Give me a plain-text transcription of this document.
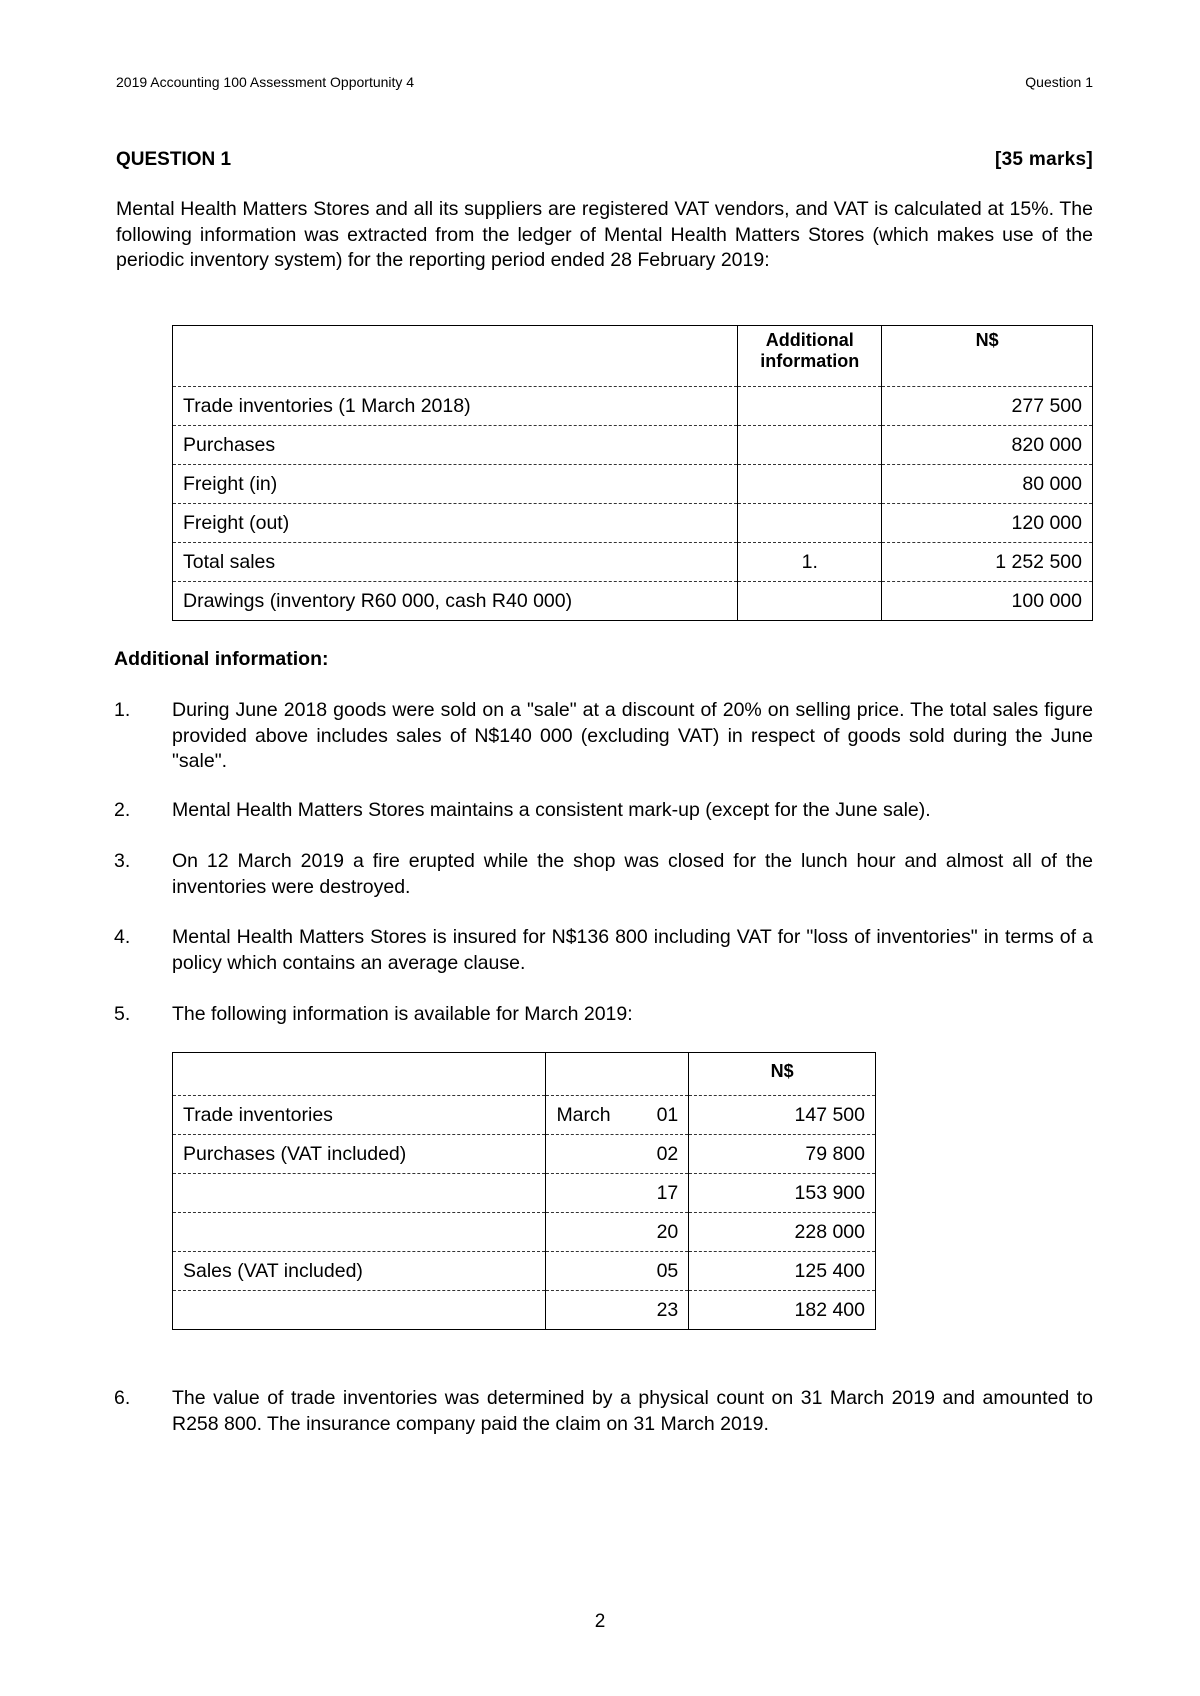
2019 Accounting 100 Assessment Opportunity 4	Question 1
QUESTION 1	[35 marks]
Mental Health Matters Stores and all its suppliers are registered VAT vendors, and VAT is calculated at 15%. The following information was extracted from the ledger of Mental Health Matters Stores (which makes use of the periodic inventory system) for the reporting period ended 28 February 2019:
	Additional information	N$
Trade inventories (1 March 2018)		277 500
Purchases		820 000
Freight (in)		80 000
Freight (out)		120 000
Total sales	1.	1 252 500
Drawings (inventory R60 000, cash R40 000)		100 000
Additional information:
1. During June 2018 goods were sold on a "sale" at a discount of 20% on selling price. The total sales figure provided above includes sales of N$140 000 (excluding VAT) in respect of goods sold during the June "sale".
2. Mental Health Matters Stores maintains a consistent mark-up (except for the June sale).
3. On 12 March 2019 a fire erupted while the shop was closed for the lunch hour and almost all of the inventories were destroyed.
4. Mental Health Matters Stores is insured for N$136 800 including VAT for "loss of inventories" in terms of a policy which contains an average clause.
5. The following information is available for March 2019:
		N$
Trade inventories	March 01	147 500
Purchases (VAT included)	02	79 800
	17	153 900
	20	228 000
Sales (VAT included)	05	125 400
	23	182 400
6. The value of trade inventories was determined by a physical count on 31 March 2019 and amounted to R258 800. The insurance company paid the claim on 31 March 2019.
2
